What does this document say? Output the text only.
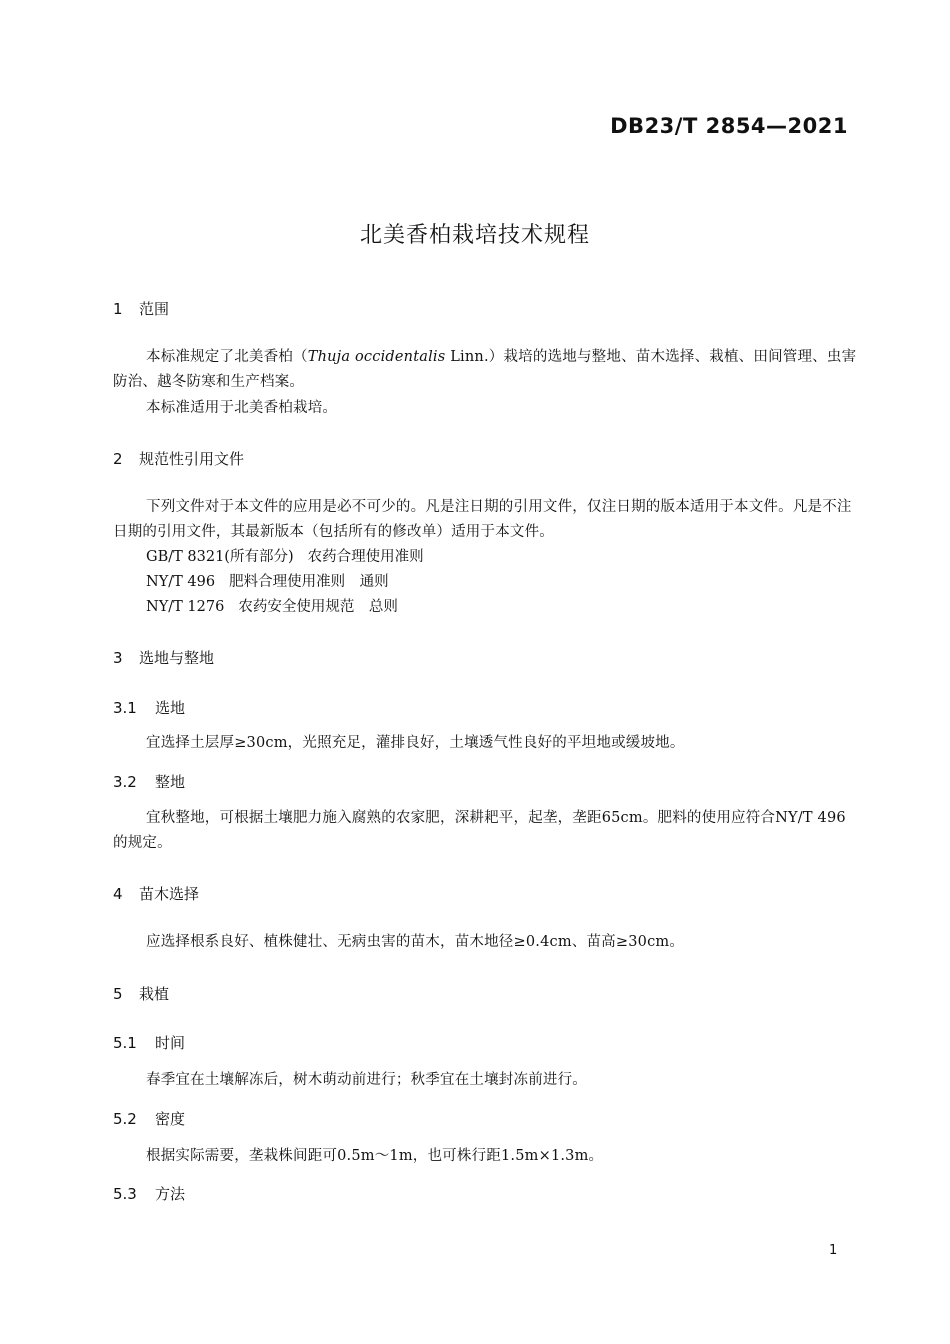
DB23/T 2854—2021
北美香柏栽培技术规程
1 范围
本标准规定了北美香柏（Thuja occidentalis Linn.）栽培的选地与整地、苗木选择、栽植、田间管理、虫害防治、越冬防寒和生产档案。
本标准适用于北美香柏栽培。
2 规范性引用文件
下列文件对于本文件的应用是必不可少的。凡是注日期的引用文件，仅注日期的版本适用于本文件。凡是不注日期的引用文件，其最新版本（包括所有的修改单）适用于本文件。
GB/T 8321(所有部分) 农药合理使用准则
NY/T 496 肥料合理使用准则　通则
NY/T 1276 农药安全使用规范　总则
3 选地与整地
3.1 选地
宜选择土层厚≥30cm，光照充足，灌排良好，土壤透气性良好的平坦地或缓坡地。
3.2 整地
宜秋整地，可根据土壤肥力施入腐熟的农家肥，深耕耙平，起垄，垄距65cm。肥料的使用应符合NY/T 496的规定。
4 苗木选择
应选择根系良好、植株健壮、无病虫害的苗木，苗木地径≥0.4cm、苗高≥30cm。
5 栽植
5.1 时间
春季宜在土壤解冻后，树木萌动前进行；秋季宜在土壤封冻前进行。
5.2 密度
根据实际需要，垄栽株间距可0.5m～1m，也可株行距1.5m×1.3m。
5.3 方法
1
